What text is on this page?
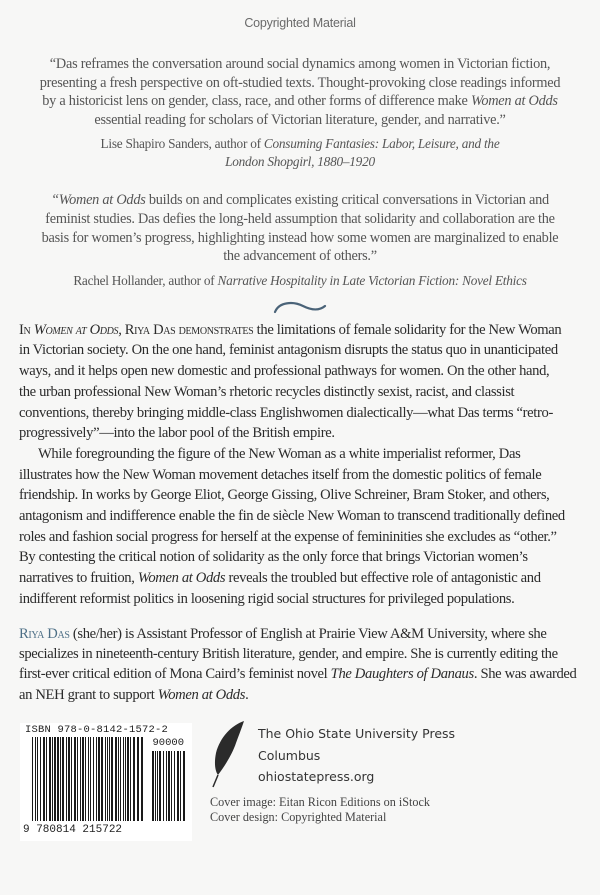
Copyrighted Material
“Das reframes the conversation around social dynamics among women in Victorian fiction, presenting a fresh perspective on oft-studied texts. Thought-provoking close readings informed by a historicist lens on gender, class, race, and other forms of difference make Women at Odds essential reading for scholars of Victorian literature, gender, and narrative.”
Lise Shapiro Sanders, author of Consuming Fantasies: Labor, Leisure, and the London Shopgirl, 1880–1920
“Women at Odds builds on and complicates existing critical conversations in Victorian and feminist studies. Das defies the long-held assumption that solidarity and collaboration are the basis for women’s progress, highlighting instead how some women are marginalized to enable the advancement of others.”
Rachel Hollander, author of Narrative Hospitality in Late Victorian Fiction: Novel Ethics

In Women at Odds, Riya Das demonstrates the limitations of female solidarity for the New Woman in Victorian society. On the one hand, feminist antagonism disrupts the status quo in unanticipated ways, and it helps open new domestic and professional pathways for women. On the other hand, the urban professional New Woman’s rhetoric recycles distinctly sexist, racist, and classist conventions, thereby bringing middle-class Englishwomen dialectically—what Das terms “retro-progressively”—into the labor pool of the British empire.

While foregrounding the figure of the New Woman as a white imperialist reformer, Das illustrates how the New Woman movement detaches itself from the domestic politics of female friendship. In works by George Eliot, George Gissing, Olive Schreiner, Bram Stoker, and others, antagonism and indifference enable the fin de siècle New Woman to transcend traditionally defined roles and fashion social progress for herself at the expense of femininities she excludes as “other.” By contesting the critical notion of solidarity as the only force that brings Victorian women’s narratives to fruition, Women at Odds reveals the troubled but effective role of antagonistic and indifferent reformist politics in loosening rigid social structures for privileged populations.

Riya Das (she/her) is Assistant Professor of English at Prairie View A&M University, where she specializes in nineteenth-century British literature, gender, and empire. She is currently editing the first-ever critical edition of Mona Caird’s feminist novel The Daughters of Danaus. She was awarded an NEH grant to support Women at Odds.
ISBN 978-0-8142-1572-2
90000
9 780814 215722
The Ohio State University Press
Columbus
ohiostatepress.org
Cover image: Eitan Ricon Editions on iStock
Cover design: Copyrighted Material
